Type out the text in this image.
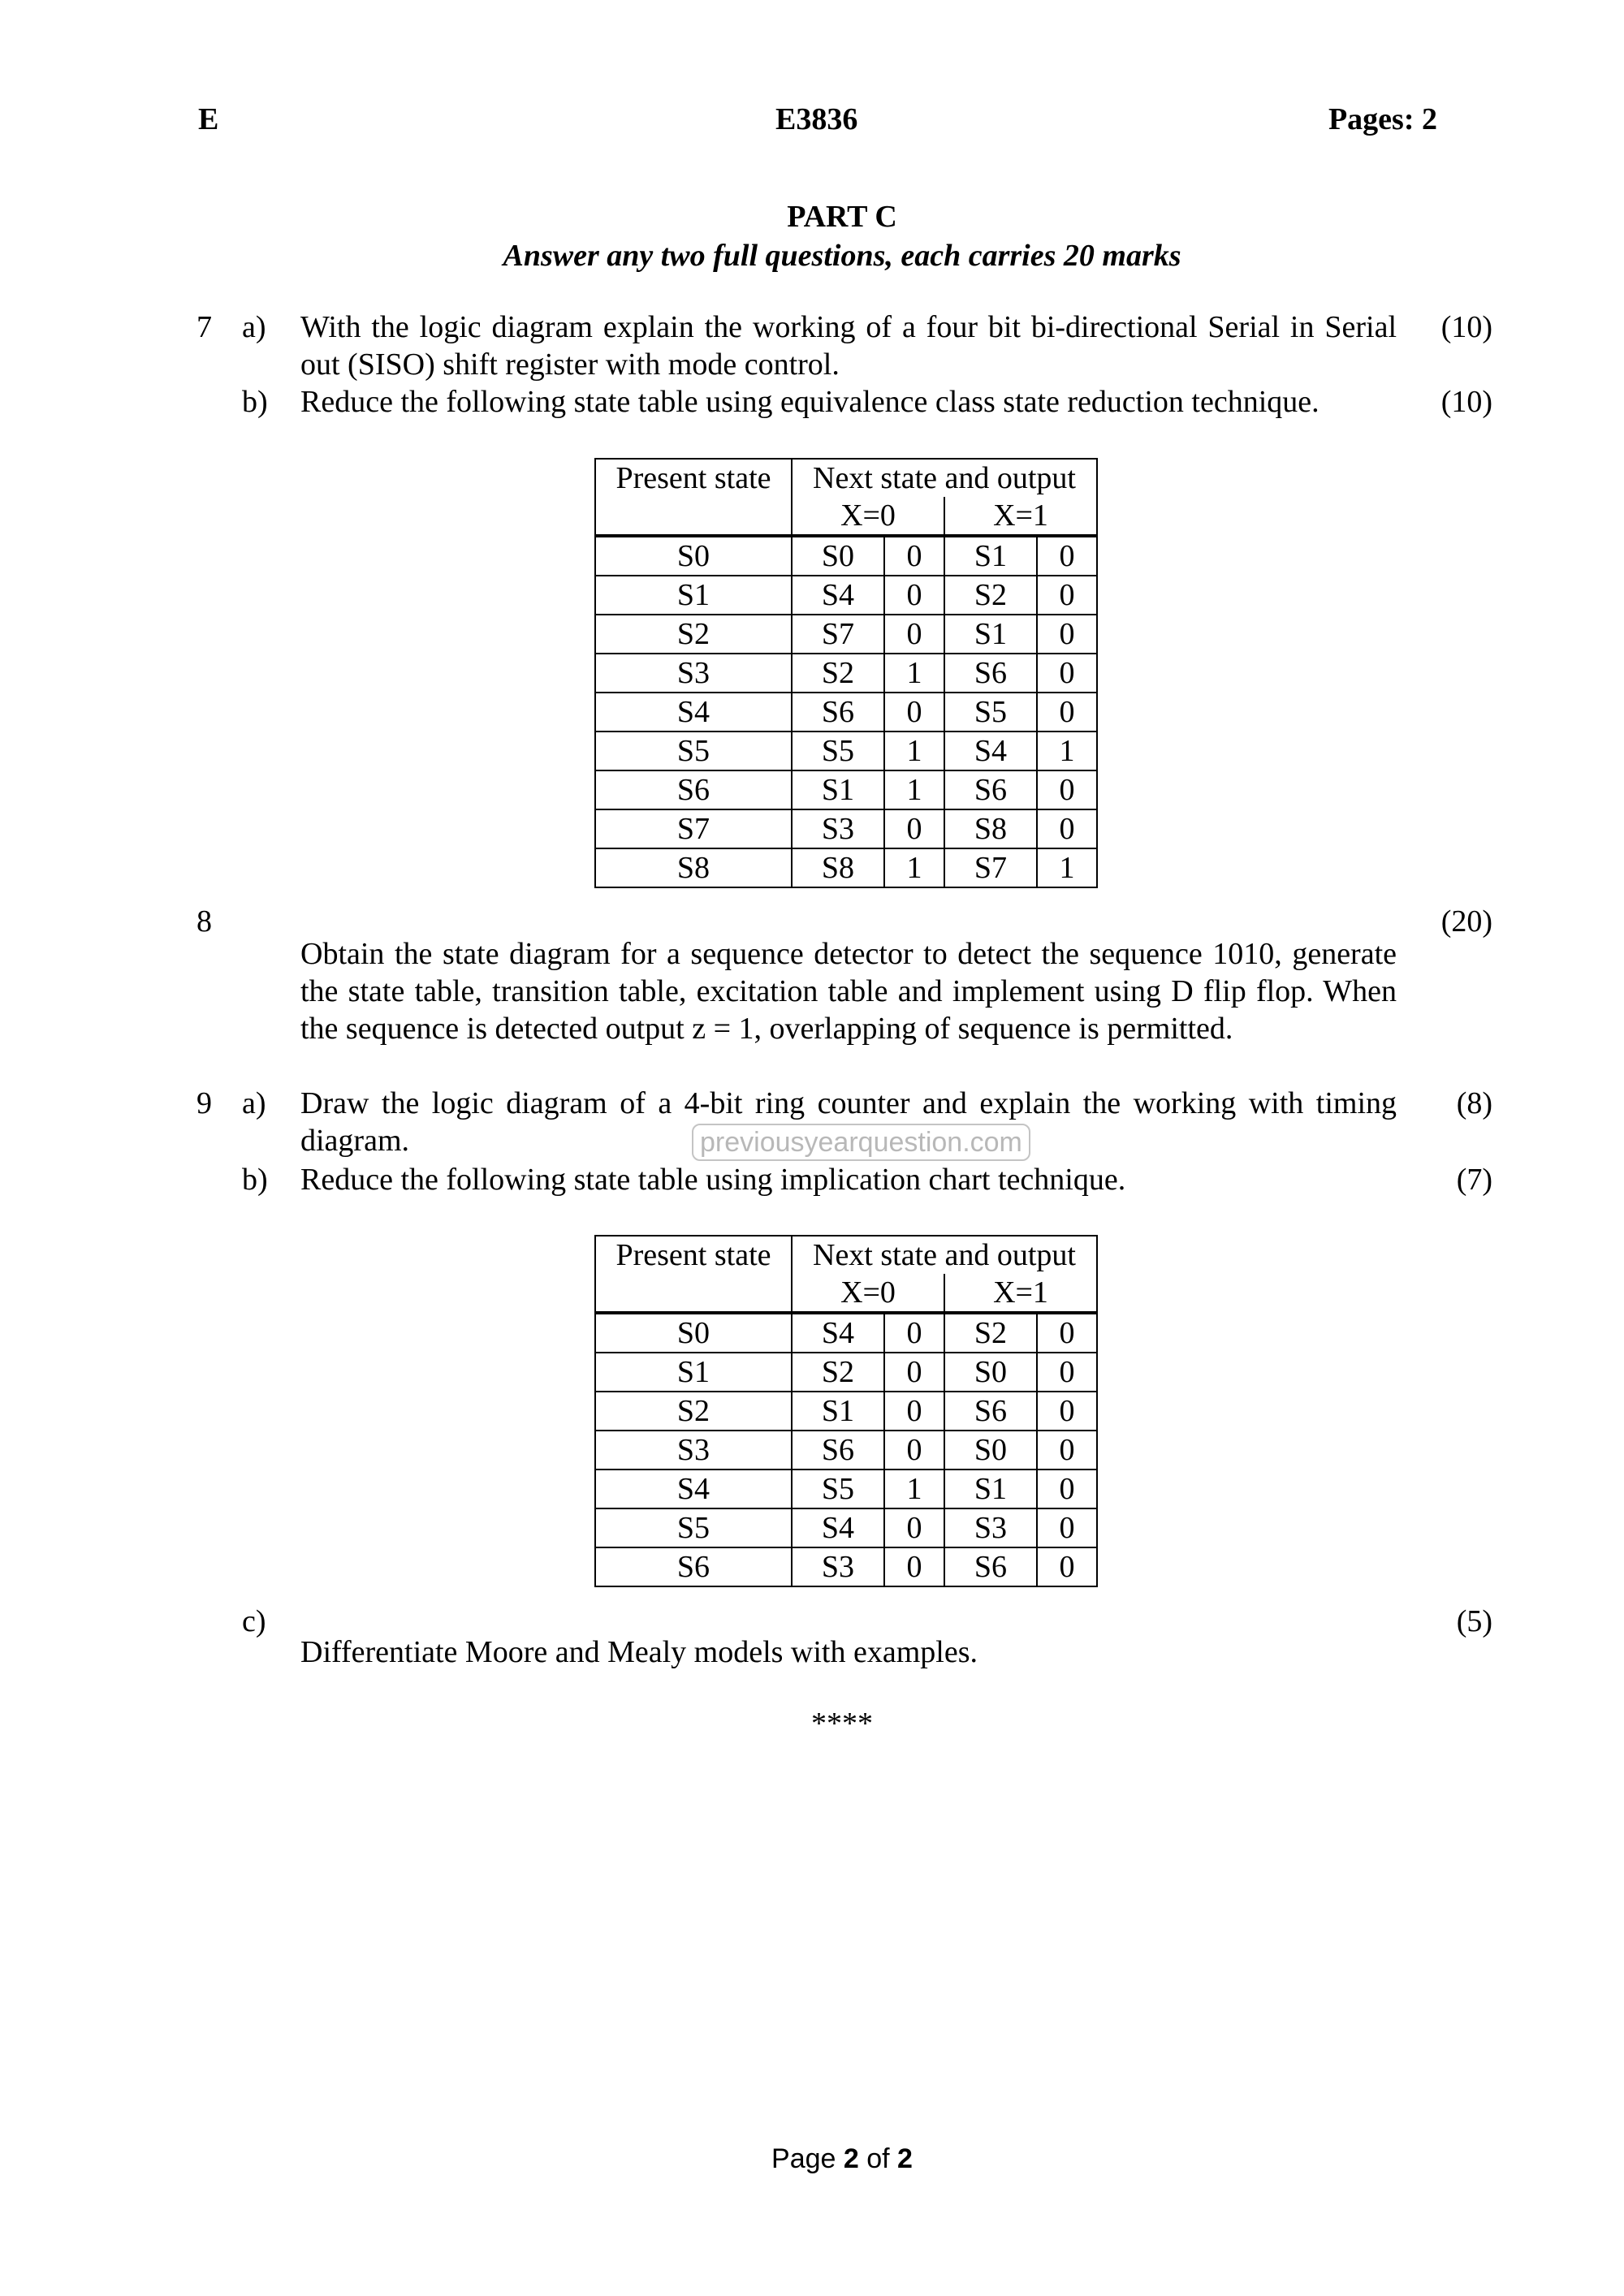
E	E3836	Pages: 2
PART C
Answer any two full questions, each carries 20 marks
7 a) With the logic diagram explain the working of a four bit bi-directional Serial in Serial out (SISO) shift register with mode control.
(10)
b) Reduce the following state table using equivalence class state reduction technique.	(10)
Present state	Next state and output			
	X=0		X=1	
S0	S0	0	S1	0
S1	S4	0	S2	0
S2	S7	0	S1	0
S3	S2	1	S6	0
S4	S6	0	S5	0
S5	S5	1	S4	1
S6	S1	1	S6	0
S7	S3	0	S8	0
S8	S8	1	S7	1
8	(20)
Obtain the state diagram for a sequence detector to detect the sequence 1010, generate the state table, transition table, excitation table and implement using D flip flop. When the sequence is detected output z = 1, overlapping of sequence is permitted.
9 a) Draw the logic diagram of a 4-bit ring counter and explain the working with timing diagram.
(8)
previousyearquestion.com
b) Reduce the following state table using implication chart technique.	(7)
Present state	Next state and output			
	X=0		X=1	
S0	S4	0	S2	0
S1	S2	0	S0	0
S2	S1	0	S6	0
S3	S6	0	S0	0
S4	S5	1	S1	0
S5	S4	0	S3	0
S6	S3	0	S6	0
c)	(5)
Differentiate Moore and Mealy models with examples.
****
Page 2 of 2
